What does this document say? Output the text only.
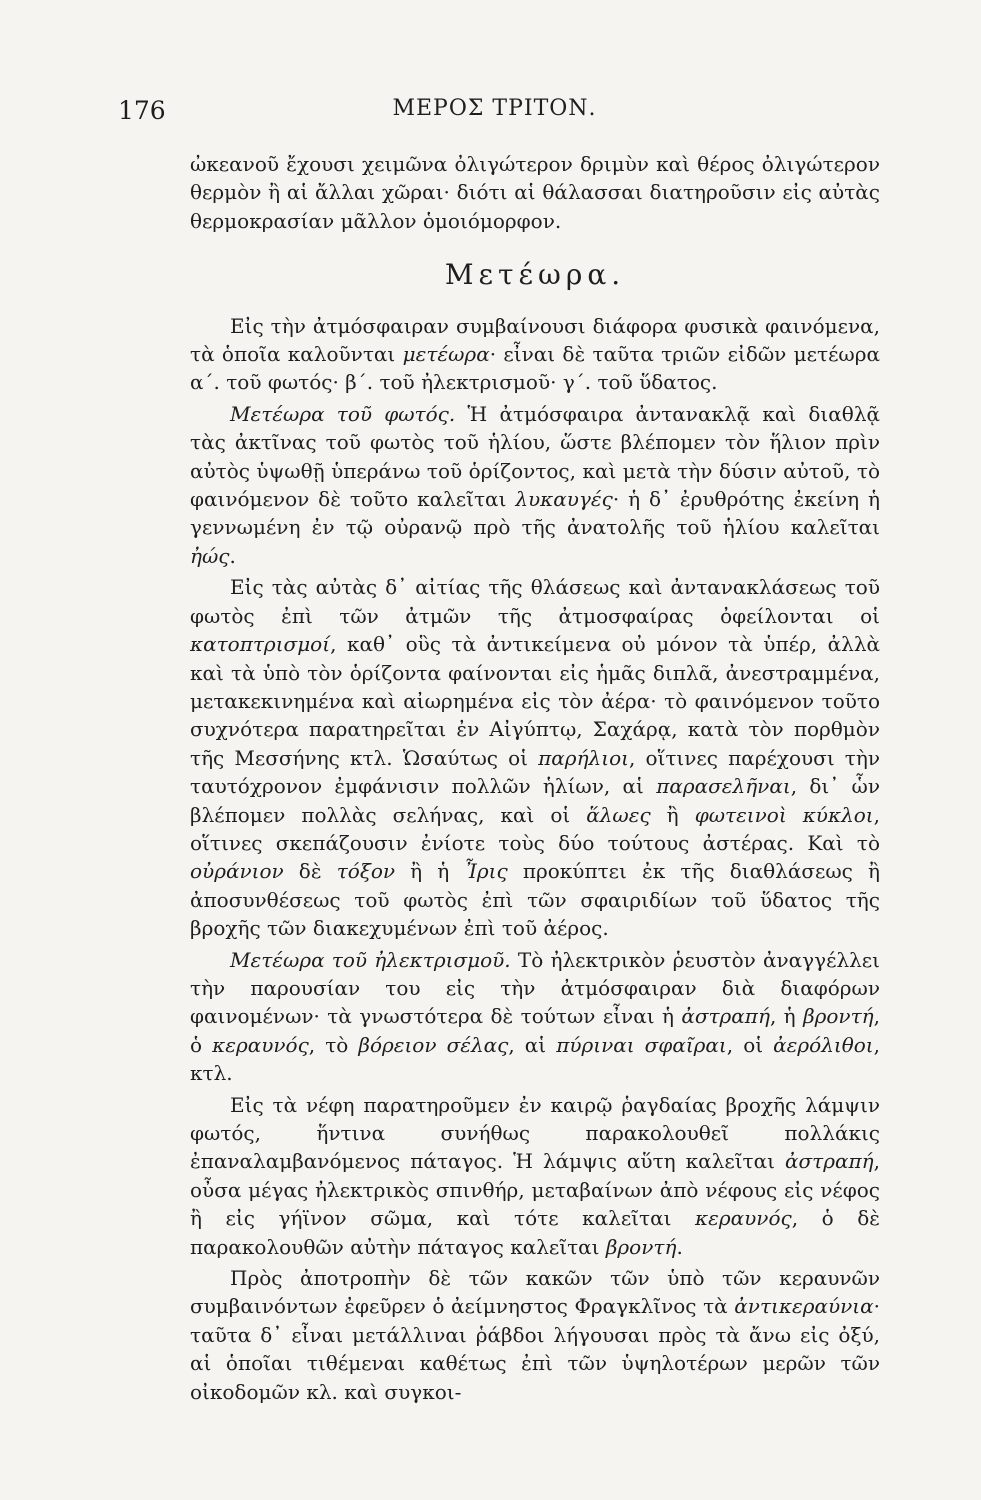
176	ΜΕΡΟΣ ΤΡΙΤΟΝ.

ὠκεανοῦ ἔχουσι χειμῶνα ὀλιγώτερον δριμὺν καὶ θέρος ὀλιγώτερον θερμὸν ἢ αἱ ἄλλαι χῶραι· διότι αἱ θάλασσαι διατηροῦσιν εἰς αὐτὰς θερμοκρασίαν μᾶλλον ὁμοιόμορφον.

Μετέωρα.

Εἰς τὴν ἀτμόσφαιραν συμβαίνουσι διάφορα φυσικὰ φαινόμενα, τὰ ὁποῖα καλοῦνται μετέωρα· εἶναι δὲ ταῦτα τριῶν εἰδῶν μετέωρα α΄. τοῦ φωτός· β΄. τοῦ ἠλεκτρισμοῦ· γ΄. τοῦ ὕδατος.

Μετέωρα τοῦ φωτός. Ἡ ἀτμόσφαιρα ἀντανακλᾷ καὶ διαθλᾷ τὰς ἀκτῖνας τοῦ φωτὸς τοῦ ἡλίου, ὥστε βλέπομεν τὸν ἥλιον πρὶν αὐτὸς ὑψωθῇ ὑπεράνω τοῦ ὁρίζοντος, καὶ μετὰ τὴν δύσιν αὐτοῦ, τὸ φαινόμενον δὲ τοῦτο καλεῖται λυκαυγές· ἡ δ᾽ ἐρυθρότης ἐκείνη ἡ γεννωμένη ἐν τῷ οὐρανῷ πρὸ τῆς ἀνατολῆς τοῦ ἡλίου καλεῖται ἠώς.

Εἰς τὰς αὐτὰς δ᾽ αἰτίας τῆς θλάσεως καὶ ἀντανακλάσεως τοῦ φωτὸς ἐπὶ τῶν ἀτμῶν τῆς ἀτμοσφαίρας ὀφείλονται οἱ κατοπτρισμοί, καθ᾽ οὓς τὰ ἀντικείμενα οὐ μόνον τὰ ὑπέρ, ἀλλὰ καὶ τὰ ὑπὸ τὸν ὁρίζοντα φαίνονται εἰς ἡμᾶς διπλᾶ, ἀνεστραμμένα, μετακεκινημένα καὶ αἰωρημένα εἰς τὸν ἀέρα· τὸ φαινόμενον τοῦτο συχνότερα παρατηρεῖται ἐν Αἰγύπτῳ, Σαχάρᾳ, κατὰ τὸν πορθμὸν τῆς Μεσσήνης κτλ. Ὡσαύτως οἱ παρήλιοι, οἵτινες παρέχουσι τὴν ταυτόχρονον ἐμφάνισιν πολλῶν ἡλίων, αἱ παρασελῆναι, δι᾽ ὧν βλέπομεν πολλὰς σελήνας, καὶ οἱ ἅλωες ἢ φωτεινοὶ κύκλοι, οἵτινες σκεπάζουσιν ἐνίοτε τοὺς δύο τούτους ἀστέρας. Καὶ τὸ οὐράνιον δὲ τόξον ἢ ἡ Ἶρις προκύπτει ἐκ τῆς διαθλάσεως ἢ ἀποσυνθέσεως τοῦ φωτὸς ἐπὶ τῶν σφαιριδίων τοῦ ὕδατος τῆς βροχῆς τῶν διακεχυμένων ἐπὶ τοῦ ἀέρος.

Μετέωρα τοῦ ἠλεκτρισμοῦ. Τὸ ἠλεκτρικὸν ῥευστὸν ἀναγγέλλει τὴν παρουσίαν του εἰς τὴν ἀτμόσφαιραν διὰ διαφόρων φαινομένων· τὰ γνωστότερα δὲ τούτων εἶναι ἡ ἀστραπή, ἡ βροντή, ὁ κεραυνός, τὸ βόρειον σέλας, αἱ πύριναι σφαῖραι, οἱ ἀερόλιθοι, κτλ.

Εἰς τὰ νέφη παρατηροῦμεν ἐν καιρῷ ῥαγδαίας βροχῆς λάμψιν φωτός, ἥντινα συνήθως παρακολουθεῖ πολλάκις ἐπαναλαμβανόμενος πάταγος. Ἡ λάμψις αὕτη καλεῖται ἀστραπή, οὖσα μέγας ἠλεκτρικὸς σπινθήρ, μεταβαίνων ἀπὸ νέφους εἰς νέφος ἢ εἰς γήϊνον σῶμα, καὶ τότε καλεῖται κεραυνός, ὁ δὲ παρακολουθῶν αὐτὴν πάταγος καλεῖται βροντή.

Πρὸς ἀποτροπὴν δὲ τῶν κακῶν τῶν ὑπὸ τῶν κεραυνῶν συμβαινόντων ἐφεῦρεν ὁ ἀείμνηστος Φραγκλῖνος τὰ ἀντικεραύνια· ταῦτα δ᾽ εἶναι μετάλλιναι ῥάβδοι λήγουσαι πρὸς τὰ ἄνω εἰς ὀξύ, αἱ ὁποῖαι τιθέμεναι καθέτως ἐπὶ τῶν ὑψηλοτέρων μερῶν τῶν οἰκοδομῶν κλ. καὶ συγκοι-
